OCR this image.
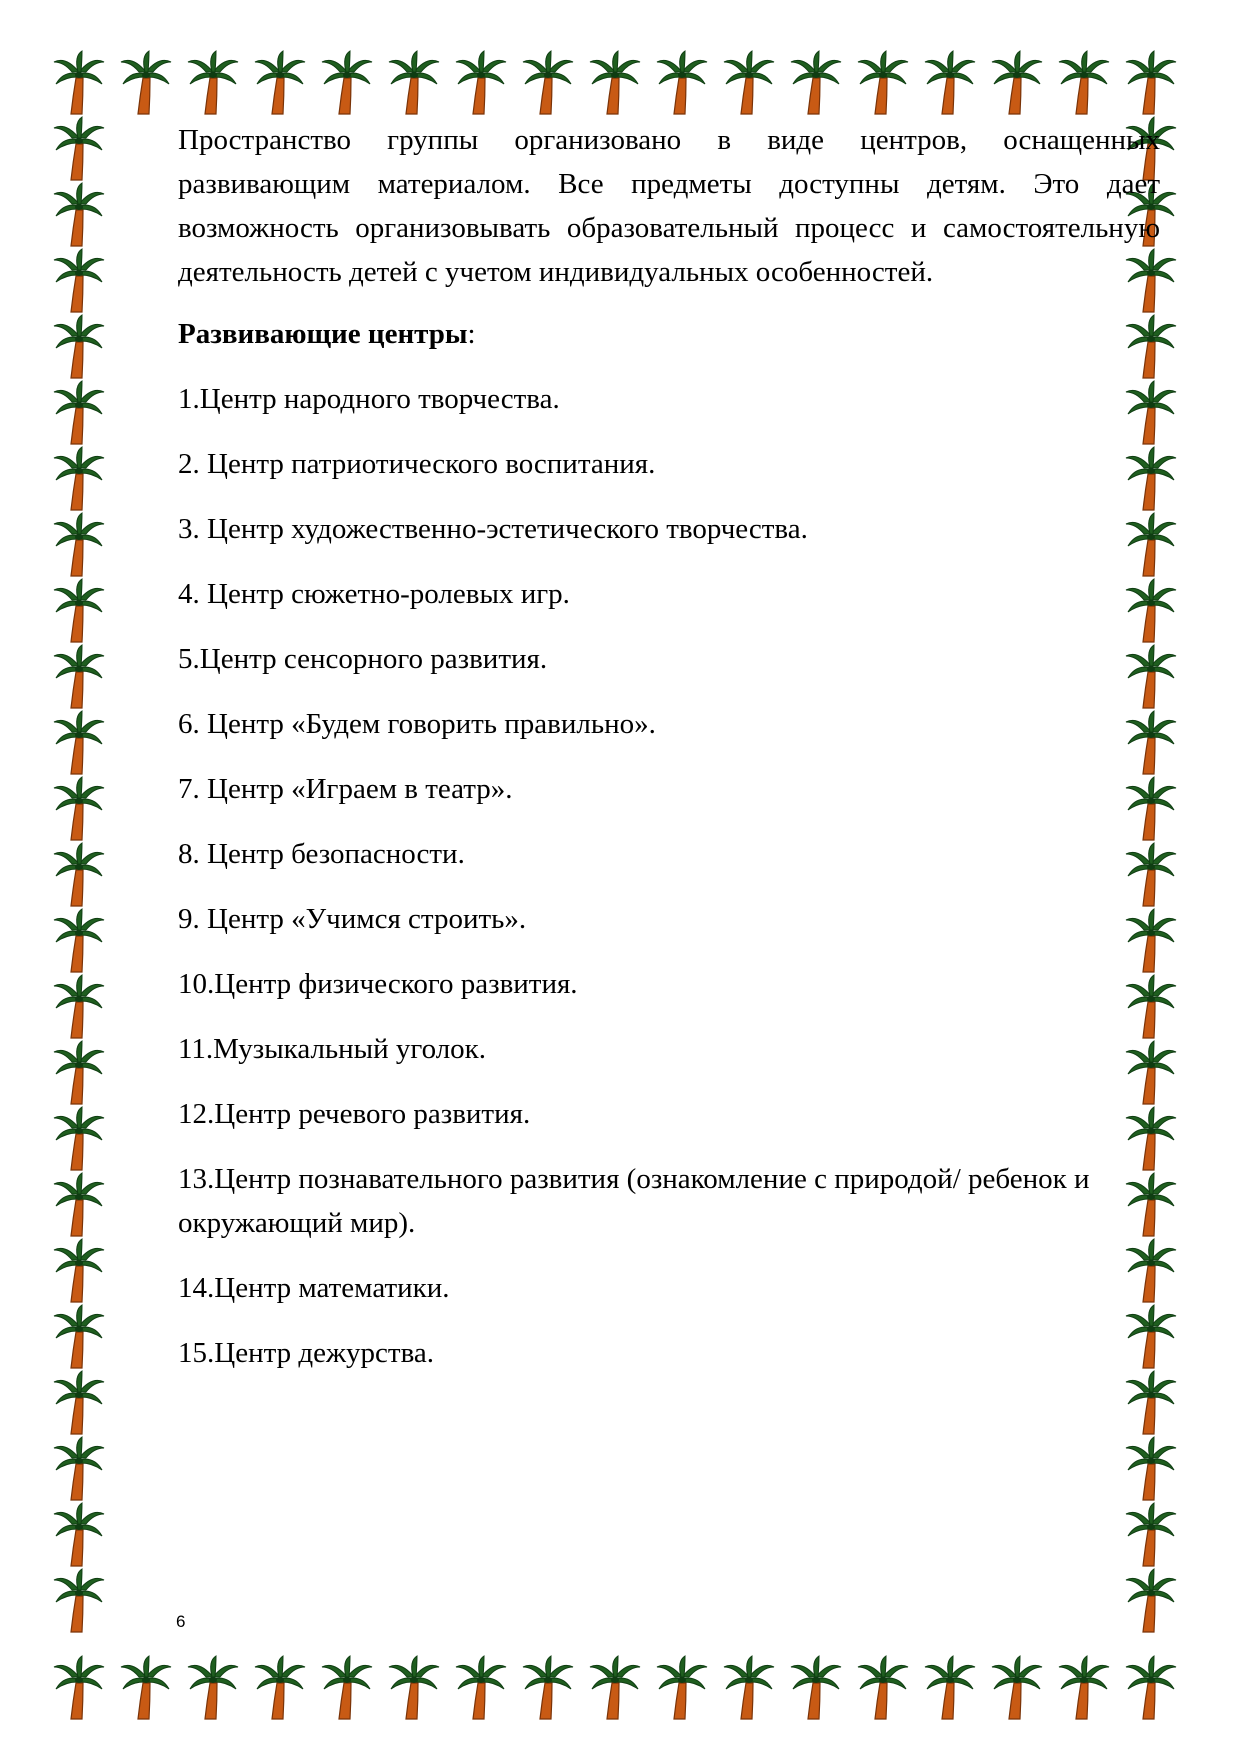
Пространство группы организовано в виде центров, оснащенных развивающим материалом. Все предметы доступны детям. Это дает возможность организовывать образовательный процесс и самостоятельную деятельность детей с учетом индивидуальных особенностей.

Развивающие центры:

1.Центр народного творчества.
2. Центр патриотического воспитания.
3. Центр художественно-эстетического творчества.
4. Центр сюжетно-ролевых игр.
5.Центр сенсорного развития.
6. Центр «Будем говорить правильно».
7. Центр «Играем в театр».
8. Центр безопасности.
9. Центр «Учимся строить».
10.Центр физического развития.
11.Музыкальный уголок.
12.Центр речевого развития.
13.Центр познавательного развития (ознакомление с природой/ ребенок и окружающий мир).
14.Центр математики.
15.Центр дежурства.
6
